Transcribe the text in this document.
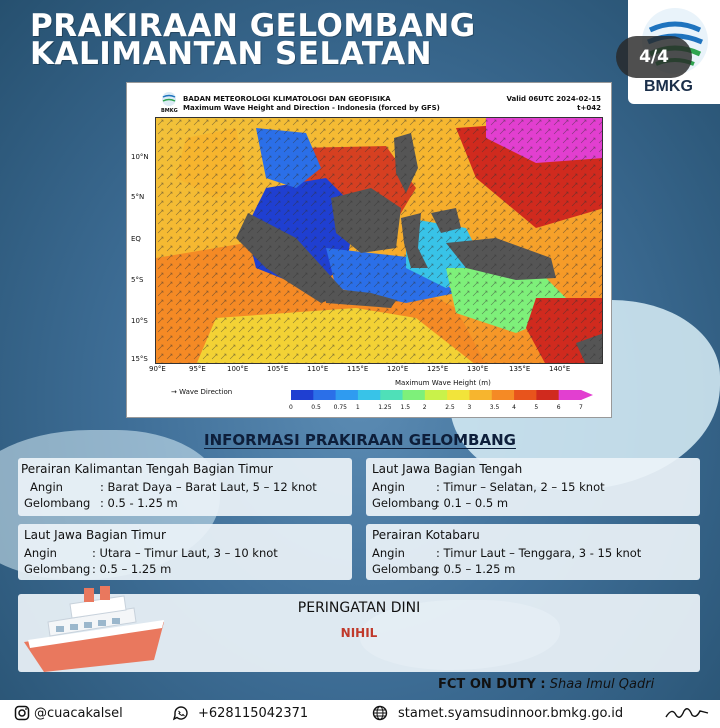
PRAKIRAAN GELOMBANG
KALIMANTAN SELATAN
BMKG
4/4
BMKG
BADAN METEOROLOGI KLIMATOLOGI DAN GEOFISIKA
Maximum Wave Height and Direction - Indonesia (forced by GFS)
Valid 06UTC 2024-02-15
t+042
10°N
5°N
EQ
5°S
10°S
15°S
90°E	95°E	100°E	105°E	110°E	115°E	120°E	125°E	130°E	135°E	140°E
→ Wave Direction
Maximum Wave Height (m)
0	0.5 0.75 1	1.25 1.5 2	2.5 3	3.5 4	5	6	7
INFORMASI PRAKIRAAN GELOMBANG
Perairan Kalimantan Tengah Bagian Timur
Angin	: Barat Daya – Barat Laut, 5 – 12 knot
Gelombang : 0.5 - 1.25 m
Laut Jawa Bagian Tengah
Angin	: Timur – Selatan, 2 – 15 knot
Gelombang
: 0.1 – 0.5 m
Laut Jawa Bagian Timur
Angin	: Utara – Timur Laut, 3 – 10 knot
Gelombang : 0.5 – 1.25 m
Perairan Kotabaru
Angin	: Timur Laut – Tenggara, 3 - 15 knot
Gelombang
: 0.5 – 1.25 m
PERINGATAN DINI
NIHIL
FCT ON DUTY : Shaa Imul Qadri
@cuacakalsel	+628115042371	stamet.syamsudinnoor.bmkg.go.id
